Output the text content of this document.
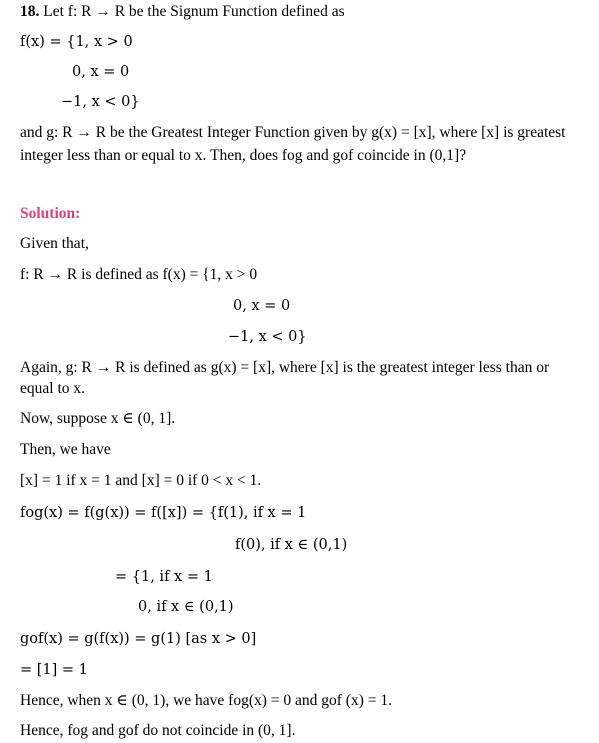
18. Let f: R → R be the Signum Function defined as
f(x) = {1, x > 0
0, x = 0
−1, x < 0}
and g: R → R be the Greatest Integer Function given by g(x) = [x], where [x] is greatest
integer less than or equal to x. Then, does fog and gof coincide in (0,1]?
Solution:
Given that,
f: R → R is defined as f(x) = {1, x > 0
0, x = 0
−1, x < 0}
Again, g: R → R is defined as g(x) = [x], where [x] is the greatest integer less than or
equal to x.
Now, suppose x ∈ (0, 1].
Then, we have
[x] = 1 if x = 1 and [x] = 0 if 0 < x < 1.
fog(x) = f(g(x)) = f([x]) = {f(1), if x = 1
f(0), if x ∈ (0,1)
= {1, if x = 1
0, if x ∈ (0,1)
gof(x) = g(f(x)) = g(1) [as x > 0]
= [1] = 1
Hence, when x ∈ (0, 1), we have fog(x) = 0 and gof (x) = 1.
Hence, fog and gof do not coincide in (0, 1].
